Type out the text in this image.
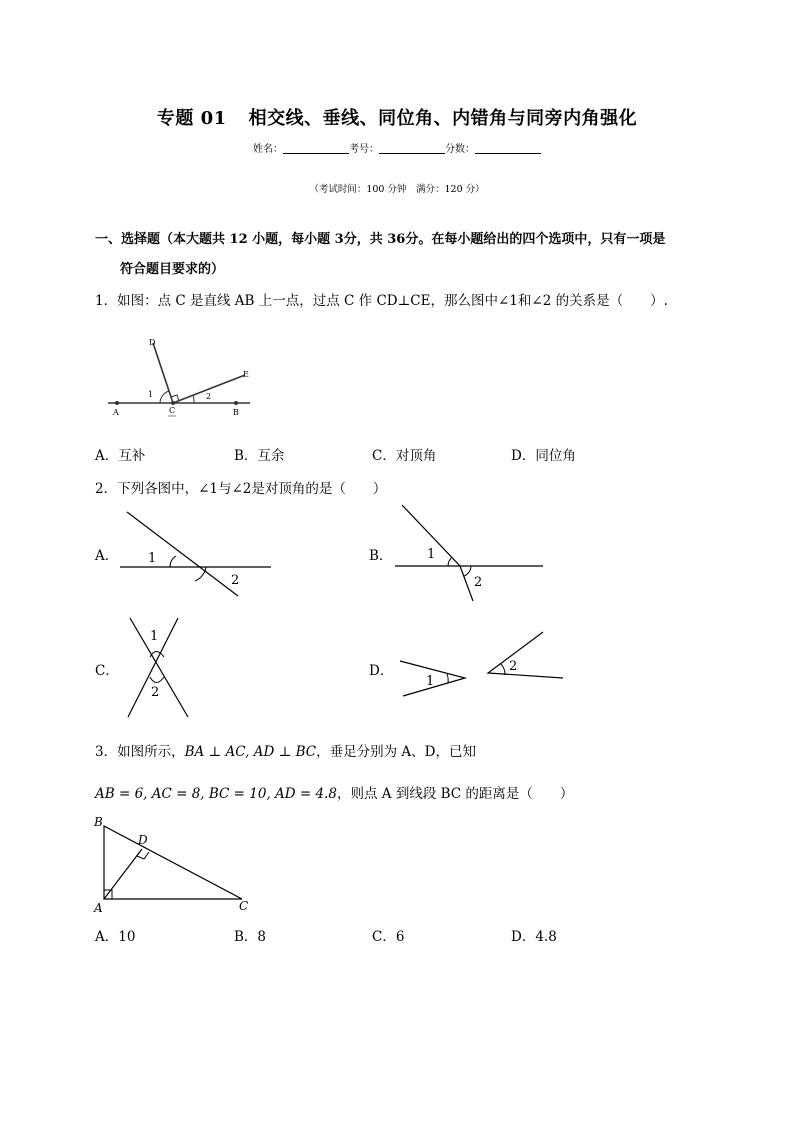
专题 01 相交线、垂线、同位角、内错角与同旁内角强化
姓名：	考号：	分数：
（考试时间：100 分钟　满分：120 分）
一、选择题（本大题共 12 小题，每小题 3分，共 36分。在每小题给出的四个选项中，只有一项是
符合题目要求的）
1．如图：点 C 是直线 AB 上一点，过点 C 作 CD⊥CE，那么图中∠1和∠2 的关系是（　　）.
A	B
C
D
E
1	2
A．互补	B．互余	C．对顶角	D．同位角
2．下列各图中，∠1与∠2是对顶角的是（　　）
A． 1
2
B．	1
2
C．
1
2
D．
1
2
3．如图所示，BA ⊥ AC, AD ⊥ BC，垂足分别为 A、D，已知
AB = 6, AC = 8, BC = 10, AD = 4.8，则点 A 到线段 BC 的距离是（　　）
B
D
A	C
A．10	B．8	C．6	D．4.8
